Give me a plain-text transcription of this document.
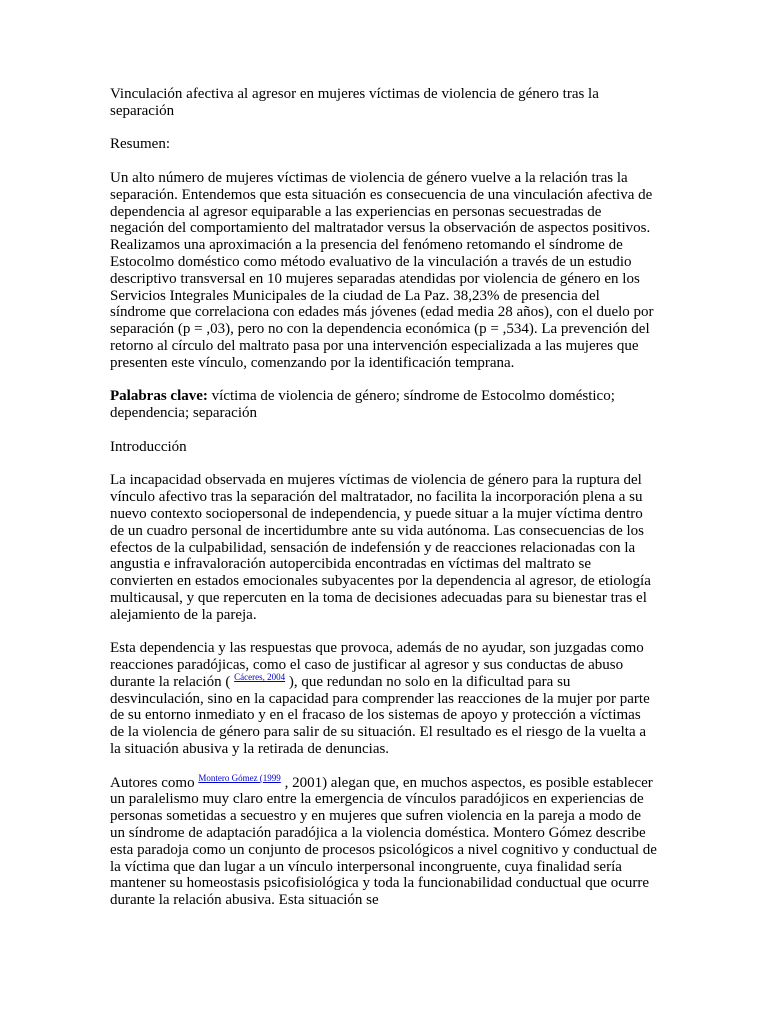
Vinculación afectiva al agresor en mujeres víctimas de violencia de género tras la separación

Resumen:

Un alto número de mujeres víctimas de violencia de género vuelve a la relación tras la separación. Entendemos que esta situación es consecuencia de una vinculación afectiva de dependencia al agresor equiparable a las experiencias en personas secuestradas de negación del comportamiento del maltratador versus la observación de aspectos positivos. Realizamos una aproximación a la presencia del fenómeno retomando el síndrome de Estocolmo doméstico como método evaluativo de la vinculación a través de un estudio descriptivo transversal en 10 mujeres separadas atendidas por violencia de género en los Servicios Integrales Municipales de la ciudad de La Paz. 38,23% de presencia del síndrome que correlaciona con edades más jóvenes (edad media 28 años), con el duelo por separación (p = ,03), pero no con la dependencia económica (p = ,534). La prevención del retorno al círculo del maltrato pasa por una intervención especializada a las mujeres que presenten este vínculo, comenzando por la identificación temprana.

Palabras clave: víctima de violencia de género; síndrome de Estocolmo doméstico; dependencia; separación

Introducción

La incapacidad observada en mujeres víctimas de violencia de género para la ruptura del vínculo afectivo tras la separación del maltratador, no facilita la incorporación plena a su nuevo contexto sociopersonal de independencia, y puede situar a la mujer víctima dentro de un cuadro personal de incertidumbre ante su vida autónoma. Las consecuencias de los efectos de la culpabilidad, sensación de indefensión y de reacciones relacionadas con la angustia e infravaloración autopercibida encontradas en víctimas del maltrato se convierten en estados emocionales subyacentes por la dependencia al agresor, de etiología multicausal, y que repercuten en la toma de decisiones adecuadas para su bienestar tras el alejamiento de la pareja.

Esta dependencia y las respuestas que provoca, además de no ayudar, son juzgadas como reacciones paradójicas, como el caso de justificar al agresor y sus conductas de abuso durante la relación ( $^{Cáceres, 2004}$ ), que redundan no solo en la dificultad para su desvinculación, sino en la capacidad para comprender las reacciones de la mujer por parte de su entorno inmediato y en el fracaso de los sistemas de apoyo y protección a víctimas de la violencia de género para salir de su situación. El resultado es el riesgo de la vuelta a la situación abusiva y la retirada de denuncias.

Autores como $^{Montero Gómez (1999}$ , 2001) alegan que, en muchos aspectos, es posible establecer un paralelismo muy claro entre la emergencia de vínculos paradójicos en experiencias de personas sometidas a secuestro y en mujeres que sufren violencia en la pareja a modo de un síndrome de adaptación paradójica a la violencia doméstica. Montero Gómez describe esta paradoja como un conjunto de procesos psicológicos a nivel cognitivo y conductual de la víctima que dan lugar a un vínculo interpersonal incongruente, cuya finalidad sería mantener su homeostasis psicofisiológica y toda la funcionabilidad conductual que ocurre durante la relación abusiva. Esta situación se
